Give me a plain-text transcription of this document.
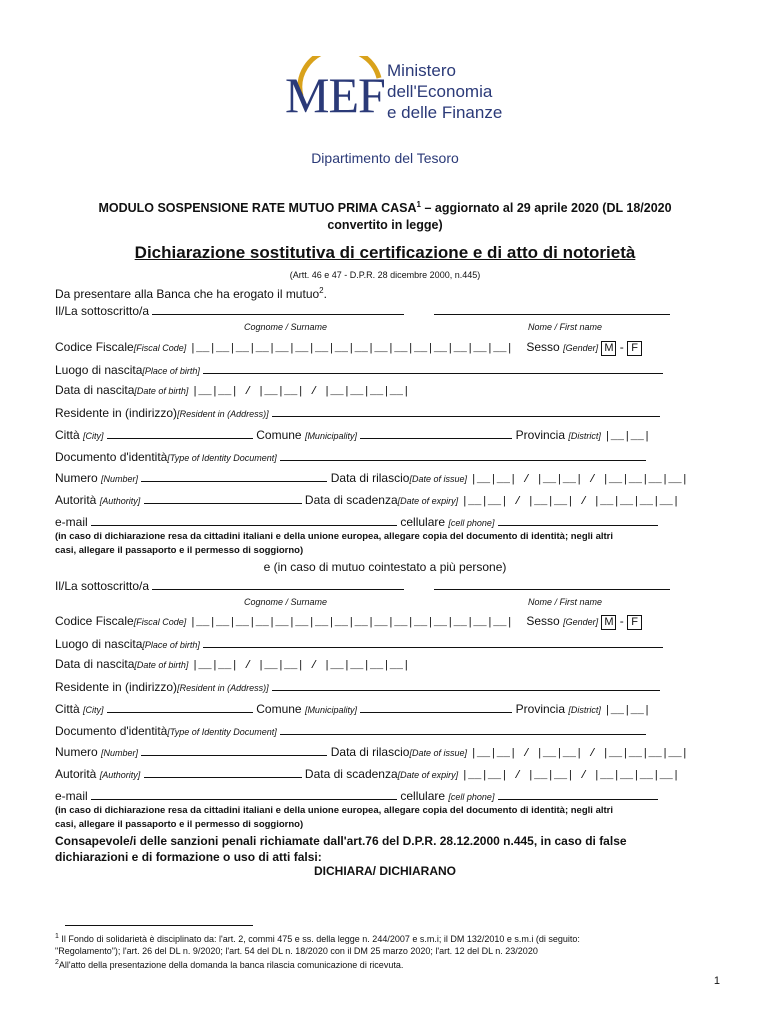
MEF Ministero
dell'Economia
e delle Finanze
Dipartimento del Tesoro
MODULO SOSPENSIONE RATE MUTUO PRIMA CASA$^1$ – aggiornato al 29 aprile 2020 (DL 18/2020
convertito in legge)
Dichiarazione sostitutiva di certificazione e di atto di notorietà
(Artt. 46 e 47 - D.P.R. 28 dicembre 2000, n.445)
Da presentare alla Banca che ha erogato il mutuo$^2$.
Il/La sottoscritto/a
Cognome / Surname	Nome / First name
Codice Fiscale[Fiscal Code] |__|__|__|__|__|__|__|__|__|__|__|__|__|__|__|__| Sesso [Gender] M - F
Luogo di nascita[Place of birth]
Data di nascita[Date of birth] |__|__| / |__|__| / |__|__|__|__|
Residente in (indirizzo)[Resident in (Address)]
Città [City]	Comune [Municipality]	Provincia [District] |__|__|
Documento d'identità[Type of Identity Document]
Numero [Number]	Data di rilascio[Date of issue] |__|__| / |__|__| / |__|__|__|__|
Autorità [Authority]	Data di scadenza[Date of expiry] |__|__| / |__|__| / |__|__|__|__|
e-mail	cellulare [cell phone]
(in caso di dichiarazione resa da cittadini italiani e della unione europea, allegare copia del documento di identità; negli altri
casi, allegare il passaporto e il permesso di soggiorno)
e (in caso di mutuo cointestato a più persone)
Il/La sottoscritto/a
Cognome / Surname	Nome / First name
Codice Fiscale[Fiscal Code] |__|__|__|__|__|__|__|__|__|__|__|__|__|__|__|__| Sesso [Gender] M - F
Luogo di nascita[Place of birth]
Data di nascita[Date of birth] |__|__| / |__|__| / |__|__|__|__|
Residente in (indirizzo)[Resident in (Address)]
Città [City]	Comune [Municipality]	Provincia [District] |__|__|
Documento d'identità[Type of Identity Document]
Numero [Number]	Data di rilascio[Date of issue] |__|__| / |__|__| / |__|__|__|__|
Autorità [Authority]	Data di scadenza[Date of expiry] |__|__| / |__|__| / |__|__|__|__|
e-mail	cellulare [cell phone]
(in caso di dichiarazione resa da cittadini italiani e della unione europea, allegare copia del documento di identità; negli altri
casi, allegare il passaporto e il permesso di soggiorno)
Consapevole/i delle sanzioni penali richiamate dall'art.76 del D.P.R. 28.12.2000 n.445, in caso di false
dichiarazioni e di formazione o uso di atti falsi:
DICHIARA/ DICHIARANO
$^1$ Il Fondo di solidarietà è disciplinato da: l'art. 2, commi 475 e ss. della legge n. 244/2007 e s.m.i; il DM 132/2010 e s.m.i (di seguito:
"Regolamento"); l'art. 26 del DL n. 9/2020; l'art. 54 del DL n. 18/2020 con il DM 25 marzo 2020; l'art. 12 del DL n. 23/2020
$^2$All'atto della presentazione della domanda la banca rilascia comunicazione di ricevuta.
1
